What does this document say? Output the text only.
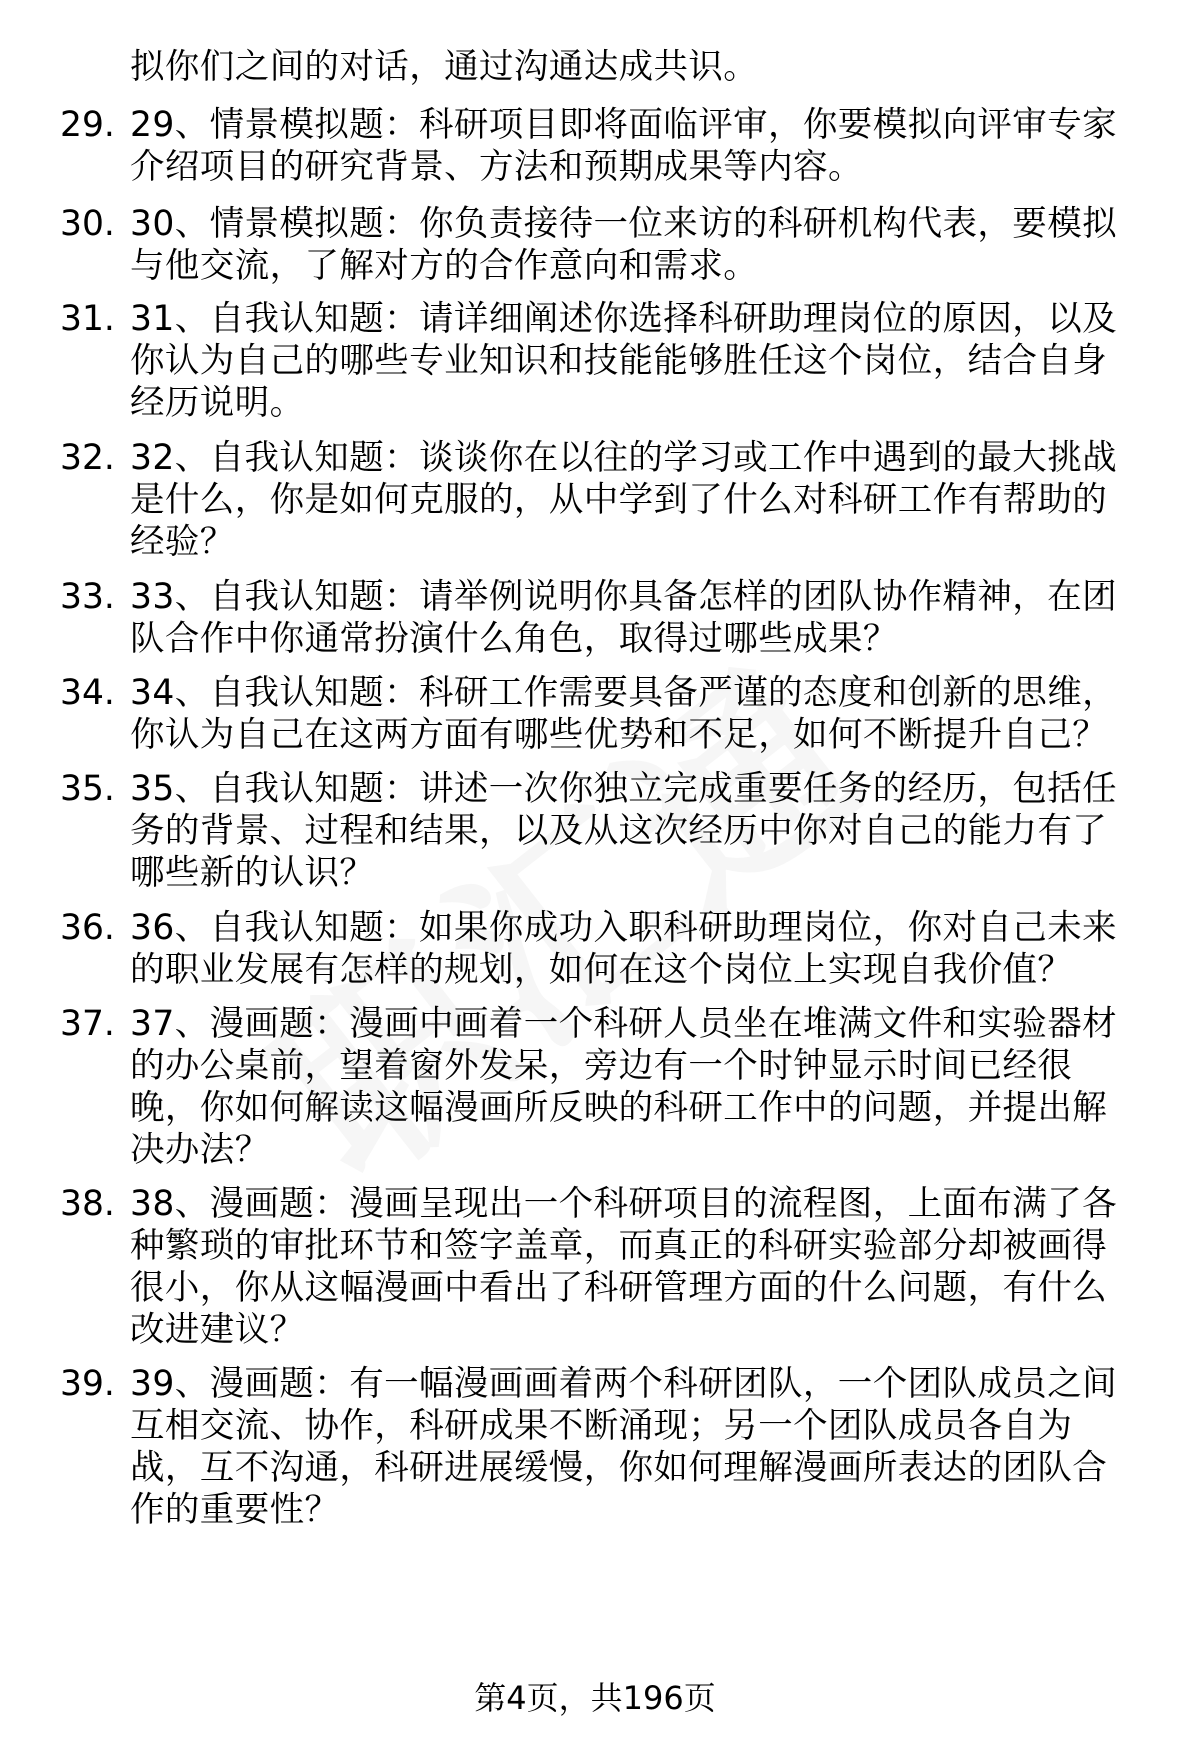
拟你们之间的对话，通过沟通达成共识。
29. 29、情景模拟题：科研项目即将面临评审，你要模拟向评审专家
介绍项目的研究背景、方法和预期成果等内容。
30. 30、情景模拟题：你负责接待一位来访的科研机构代表，要模拟
与他交流，了解对方的合作意向和需求。
31. 31、自我认知题：请详细阐述你选择科研助理岗位的原因，以及
你认为自己的哪些专业知识和技能能够胜任这个岗位，结合自身
经历说明。
32. 32、自我认知题：谈谈你在以往的学习或工作中遇到的最大挑战
是什么，你是如何克服的，从中学到了什么对科研工作有帮助的
经验？
33. 33、自我认知题：请举例说明你具备怎样的团队协作精神，在团
队合作中你通常扮演什么角色，取得过哪些成果？
34. 34、自我认知题：科研工作需要具备严谨的态度和创新的思维，
你认为自己在这两方面有哪些优势和不足，如何不断提升自己？
35. 35、自我认知题：讲述一次你独立完成重要任务的经历，包括任
务的背景、过程和结果，以及从这次经历中你对自己的能力有了
哪些新的认识？
36. 36、自我认知题：如果你成功入职科研助理岗位，你对自己未来
的职业发展有怎样的规划，如何在这个岗位上实现自我价值？
37. 37、漫画题：漫画中画着一个科研人员坐在堆满文件和实验器材
的办公桌前，望着窗外发呆，旁边有一个时钟显示时间已经很
晚，你如何解读这幅漫画所反映的科研工作中的问题，并提出解
决办法？
38. 38、漫画题：漫画呈现出一个科研项目的流程图，上面布满了各
种繁琐的审批环节和签字盖章，而真正的科研实验部分却被画得
很小，你从这幅漫画中看出了科研管理方面的什么问题，有什么
改进建议？
39. 39、漫画题：有一幅漫画画着两个科研团队，一个团队成员之间
互相交流、协作，科研成果不断涌现；另一个团队成员各自为
战，互不沟通，科研进展缓慢，你如何理解漫画所表达的团队合
作的重要性？
第4页，共196页
